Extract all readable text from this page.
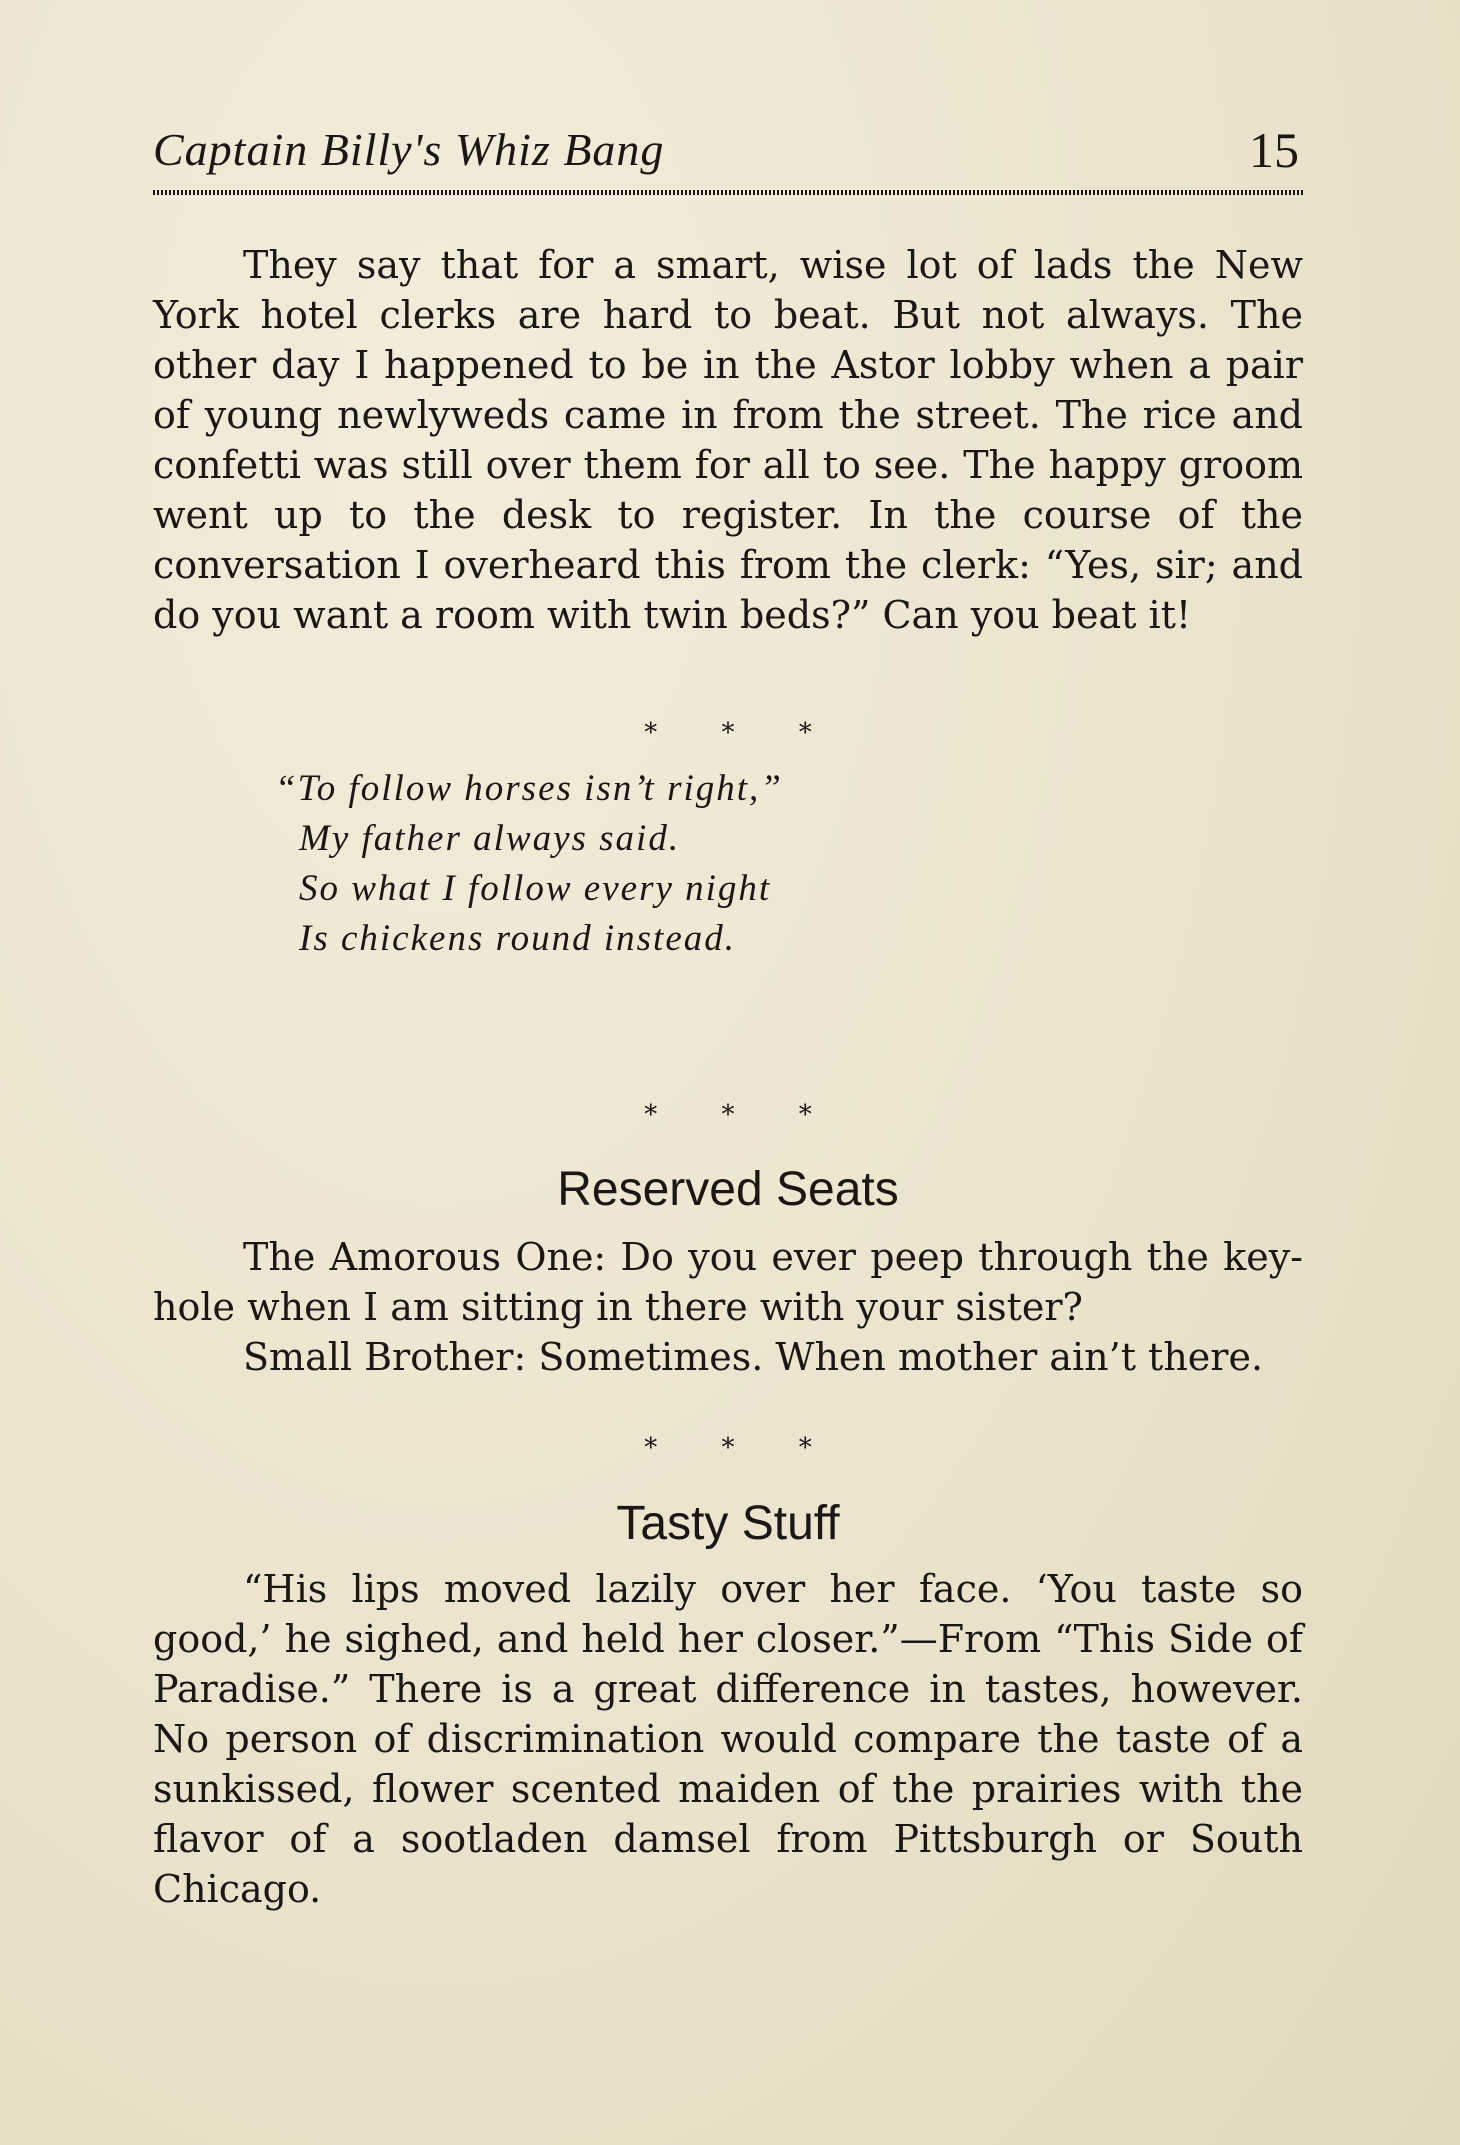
Captain Billy's Whiz Bang	15

They say that for a smart, wise lot of lads the New York hotel clerks are hard to beat. But not always. The other day I happened to be in the Astor lobby when a pair of young newlyweds came in from the street. The rice and confetti was still over them for all to see. The happy groom went up to the desk to register. In the course of the conversation I overheard this from the clerk: “Yes, sir; and do you want a room with twin beds?” Can you beat it!

* * *
“To follow horses isn’t right,”
My father always said.
So what I follow every night
Is chickens round instead.
* * *
Reserved Seats

The Amorous One: Do you ever peep through the key-hole when I am sitting in there with your sister?

Small Brother: Sometimes. When mother ain’t there.

* * *
Tasty Stuff

“His lips moved lazily over her face. ‘You taste so good,’ he sighed, and held her closer.”—From “This Side of Paradise.” There is a great difference in tastes, however. No person of discrimination would compare the taste of a sunkissed, flower scented maiden of the prairies with the flavor of a sootladen damsel from Pittsburgh or South Chicago.
